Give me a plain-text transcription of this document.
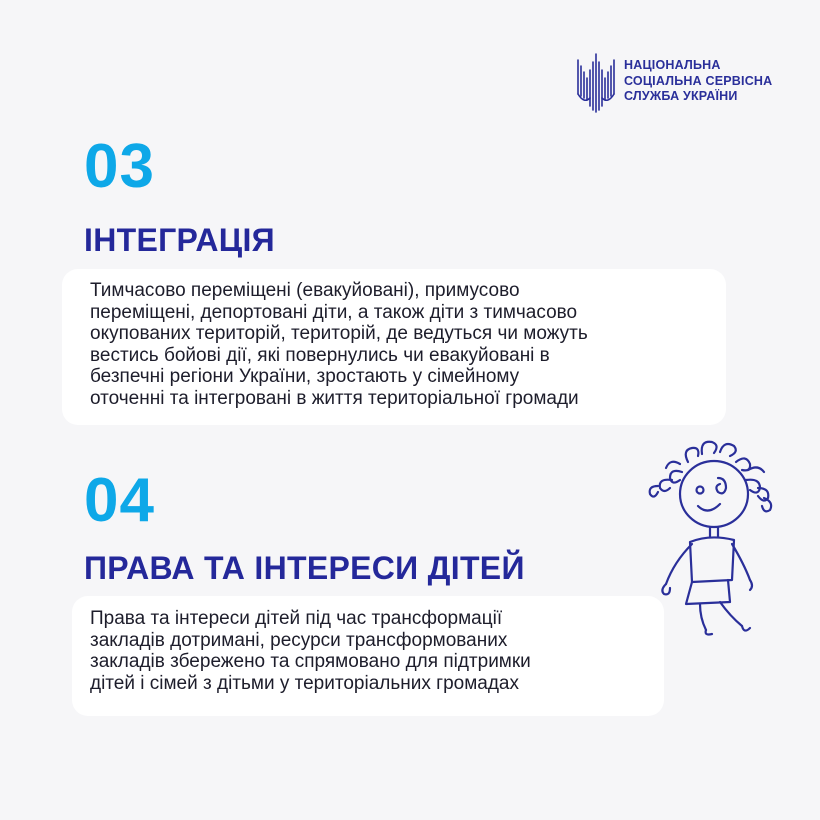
НАЦІОНАЛЬНА
СОЦІАЛЬНА СЕРВІСНА
СЛУЖБА УКРАЇНИ
03
ІНТЕГРАЦІЯ

Тимчасово переміщені (евакуйовані), примусово

переміщені, депортовані діти, а також діти з тимчасово

окупованих територій, територій, де ведуться чи можуть

вестись бойові дії, які повернулись чи евакуйовані в

безпечні регіони України, зростають у сімейному

оточенні та інтегровані в життя територіальної громади

04
ПРАВА ТА ІНТЕРЕСИ ДІТЕЙ

Права та інтереси дітей під час трансформації

закладів дотримані, ресурси трансформованих

закладів збережено та спрямовано для підтримки

дітей і сімей з дітьми у територіальних громадах
